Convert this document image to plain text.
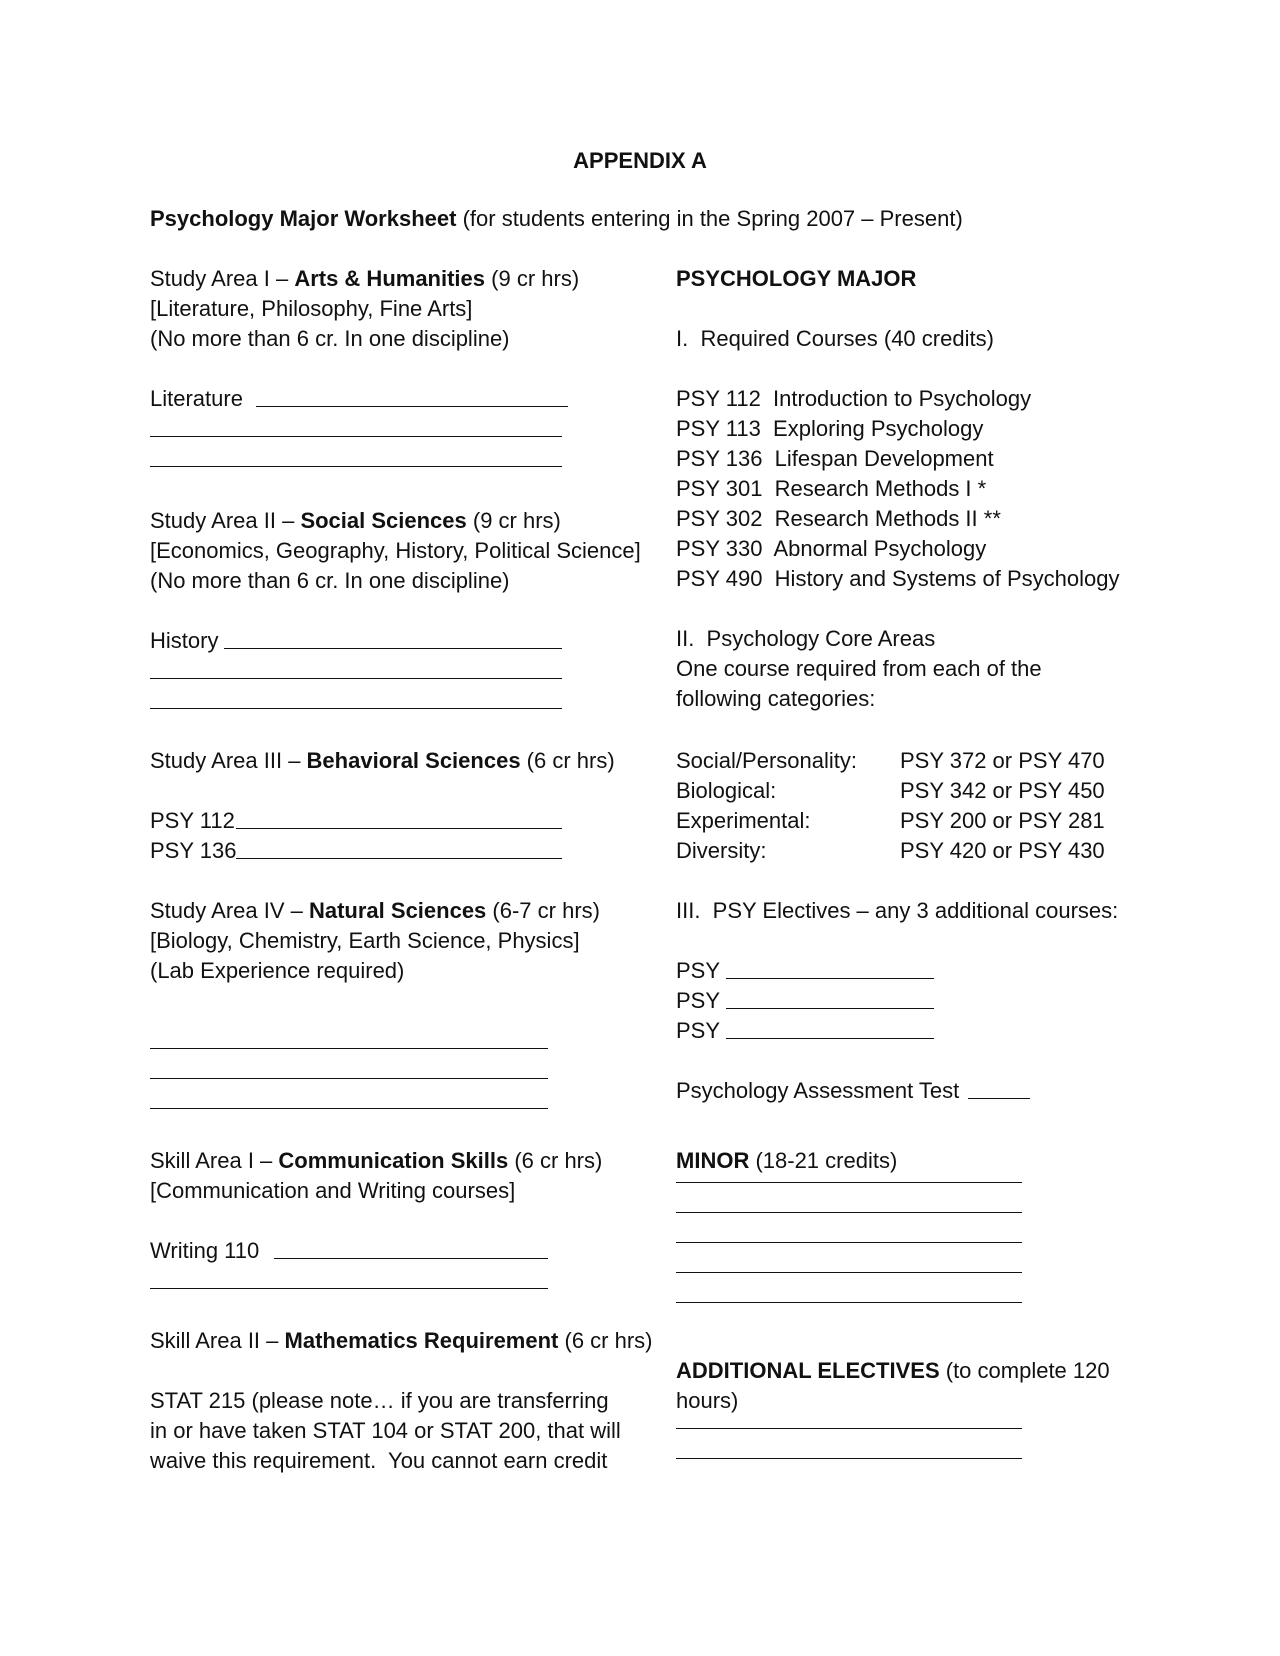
APPENDIX A
Psychology Major Worksheet (for students entering in the Spring 2007 – Present)
Study Area I – Arts & Humanities (9 cr hrs)
[Literature, Philosophy, Fine Arts]
(No more than 6 cr. In one discipline)
Literature
Study Area II – Social Sciences (9 cr hrs)
[Economics, Geography, History, Political Science]
(No more than 6 cr. In one discipline)
History
Study Area III – Behavioral Sciences (6 cr hrs)
PSY 112
PSY 136
Study Area IV – Natural Sciences (6-7 cr hrs)
[Biology, Chemistry, Earth Science, Physics]
(Lab Experience required)
Skill Area I – Communication Skills (6 cr hrs)
[Communication and Writing courses]
Writing 110
Skill Area II – Mathematics Requirement (6 cr hrs)
STAT 215 (please note… if you are transferring
in or have taken STAT 104 or STAT 200, that will
waive this requirement.  You cannot earn credit
PSYCHOLOGY MAJOR
I.  Required Courses (40 credits)
PSY 112  Introduction to Psychology
PSY 113  Exploring Psychology
PSY 136  Lifespan Development
PSY 301  Research Methods I *
PSY 302  Research Methods II **
PSY 330  Abnormal Psychology
PSY 490  History and Systems of Psychology
II.  Psychology Core Areas
One course required from each of the
following categories:
Social/Personality: PSY 372 or PSY 470
Biological:	PSY 342 or PSY 450
Experimental:	PSY 200 or PSY 281
Diversity:	PSY 420 or PSY 430
III.  PSY Electives – any 3 additional courses:
PSY
PSY
PSY
Psychology Assessment Test
MINOR (18-21 credits)
ADDITIONAL ELECTIVES (to complete 120
hours)
